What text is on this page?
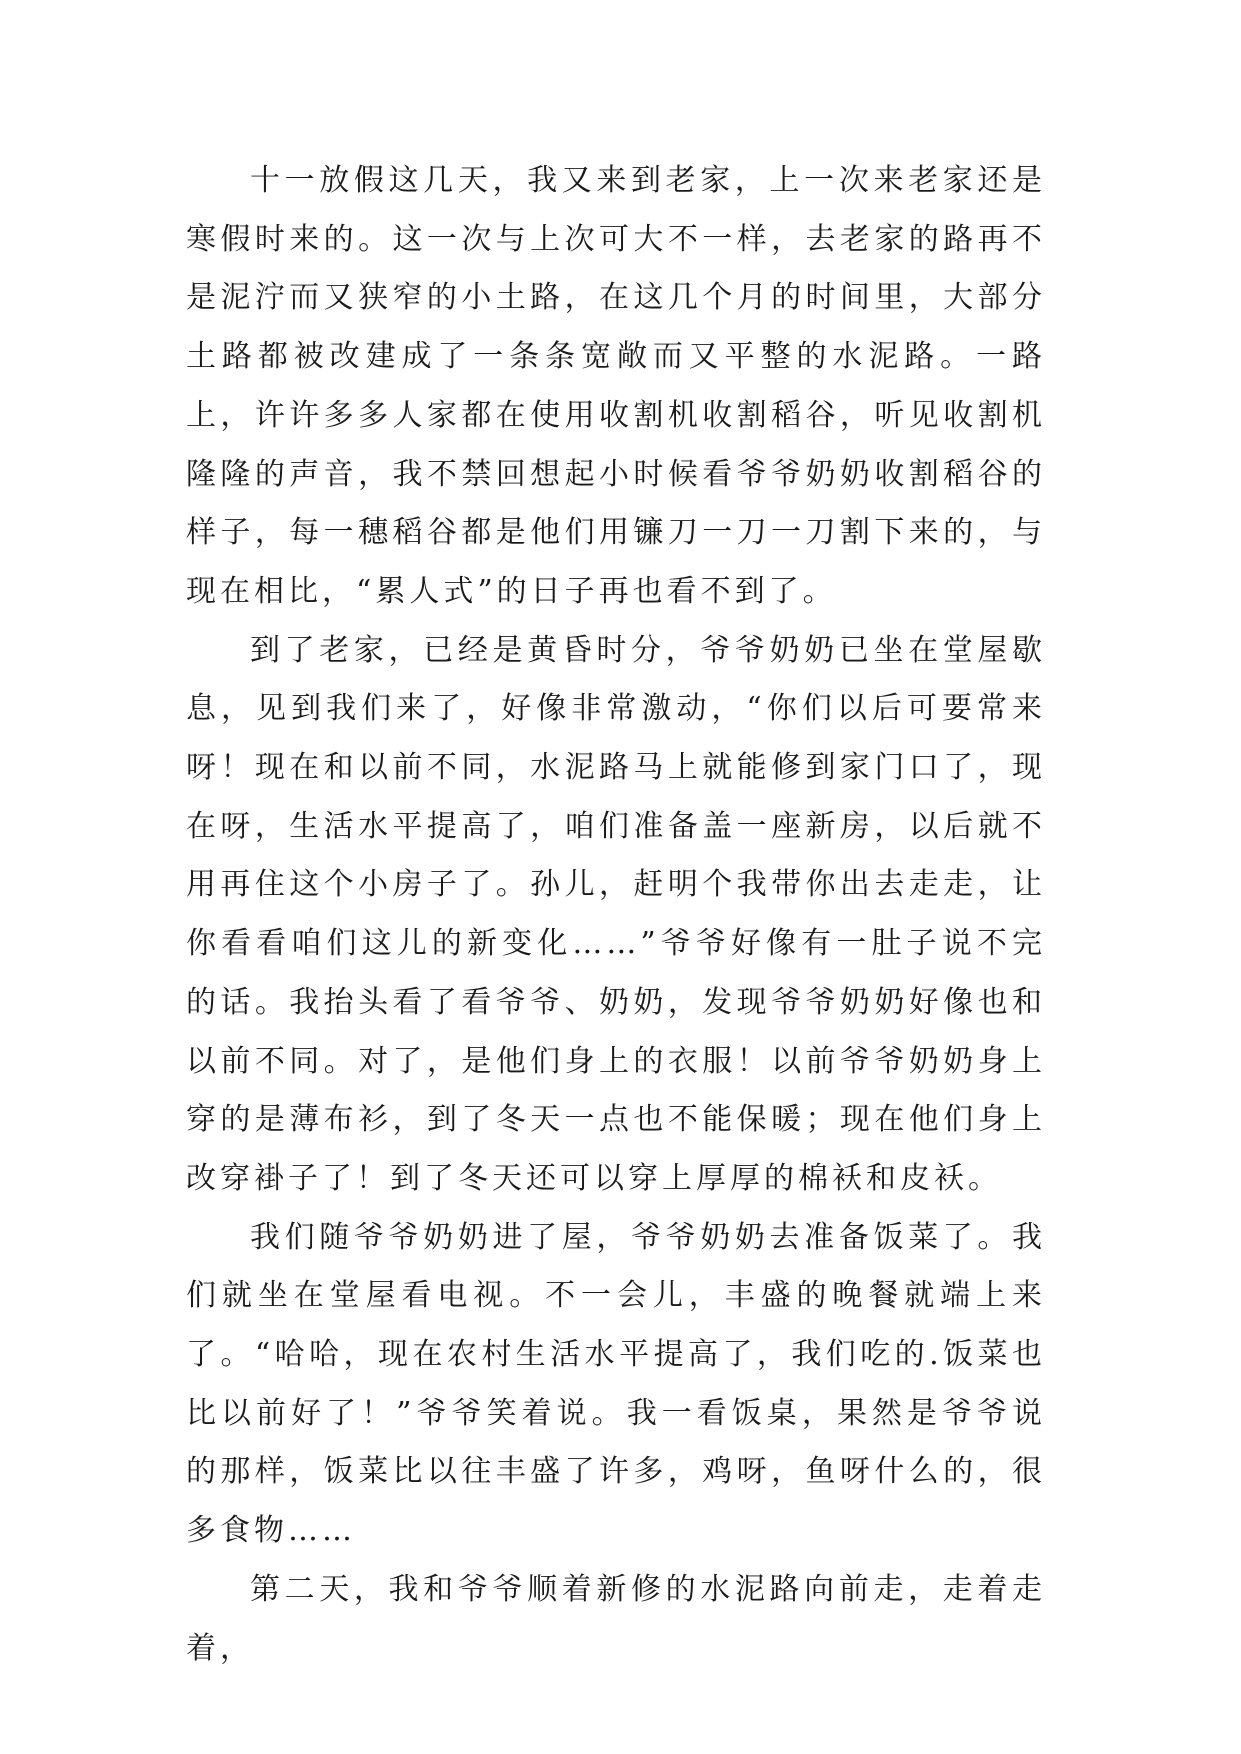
十一放假这几天，我又来到老家，上一次来老家还是寒假时来的。这一次与上次可大不一样，去老家的路再不是泥泞而又狭窄的小土路，在这几个月的时间里，大部分土路都被改建成了一条条宽敞而又平整的水泥路。一路上，许许多多人家都在使用收割机收割稻谷，听见收割机隆隆的声音，我不禁回想起小时候看爷爷奶奶收割稻谷的样子，每一穗稻谷都是他们用镰刀一刀一刀割下来的，与现在相比，“累人式”的日子再也看不到了。

到了老家，已经是黄昏时分，爷爷奶奶已坐在堂屋歇息，见到我们来了，好像非常激动，“你们以后可要常来呀！现在和以前不同，水泥路马上就能修到家门口了，现在呀，生活水平提高了，咱们准备盖一座新房，以后就不用再住这个小房子了。孙儿，赶明个我带你出去走走，让你看看咱们这儿的新变化……”爷爷好像有一肚子说不完的话。我抬头看了看爷爷、奶奶，发现爷爷奶奶好像也和以前不同。对了，是他们身上的衣服！以前爷爷奶奶身上穿的是薄布衫，到了冬天一点也不能保暖；现在他们身上改穿褂子了！到了冬天还可以穿上厚厚的棉袄和皮袄。

我们随爷爷奶奶进了屋，爷爷奶奶去准备饭菜了。我们就坐在堂屋看电视。不一会儿，丰盛的晚餐就端上来了。“哈哈，现在农村生活水平提高了，我们吃的.饭菜也比以前好了！”爷爷笑着说。我一看饭桌，果然是爷爷说的那样，饭菜比以往丰盛了许多，鸡呀，鱼呀什么的，很多食物……

第二天，我和爷爷顺着新修的水泥路向前走，走着走着，
